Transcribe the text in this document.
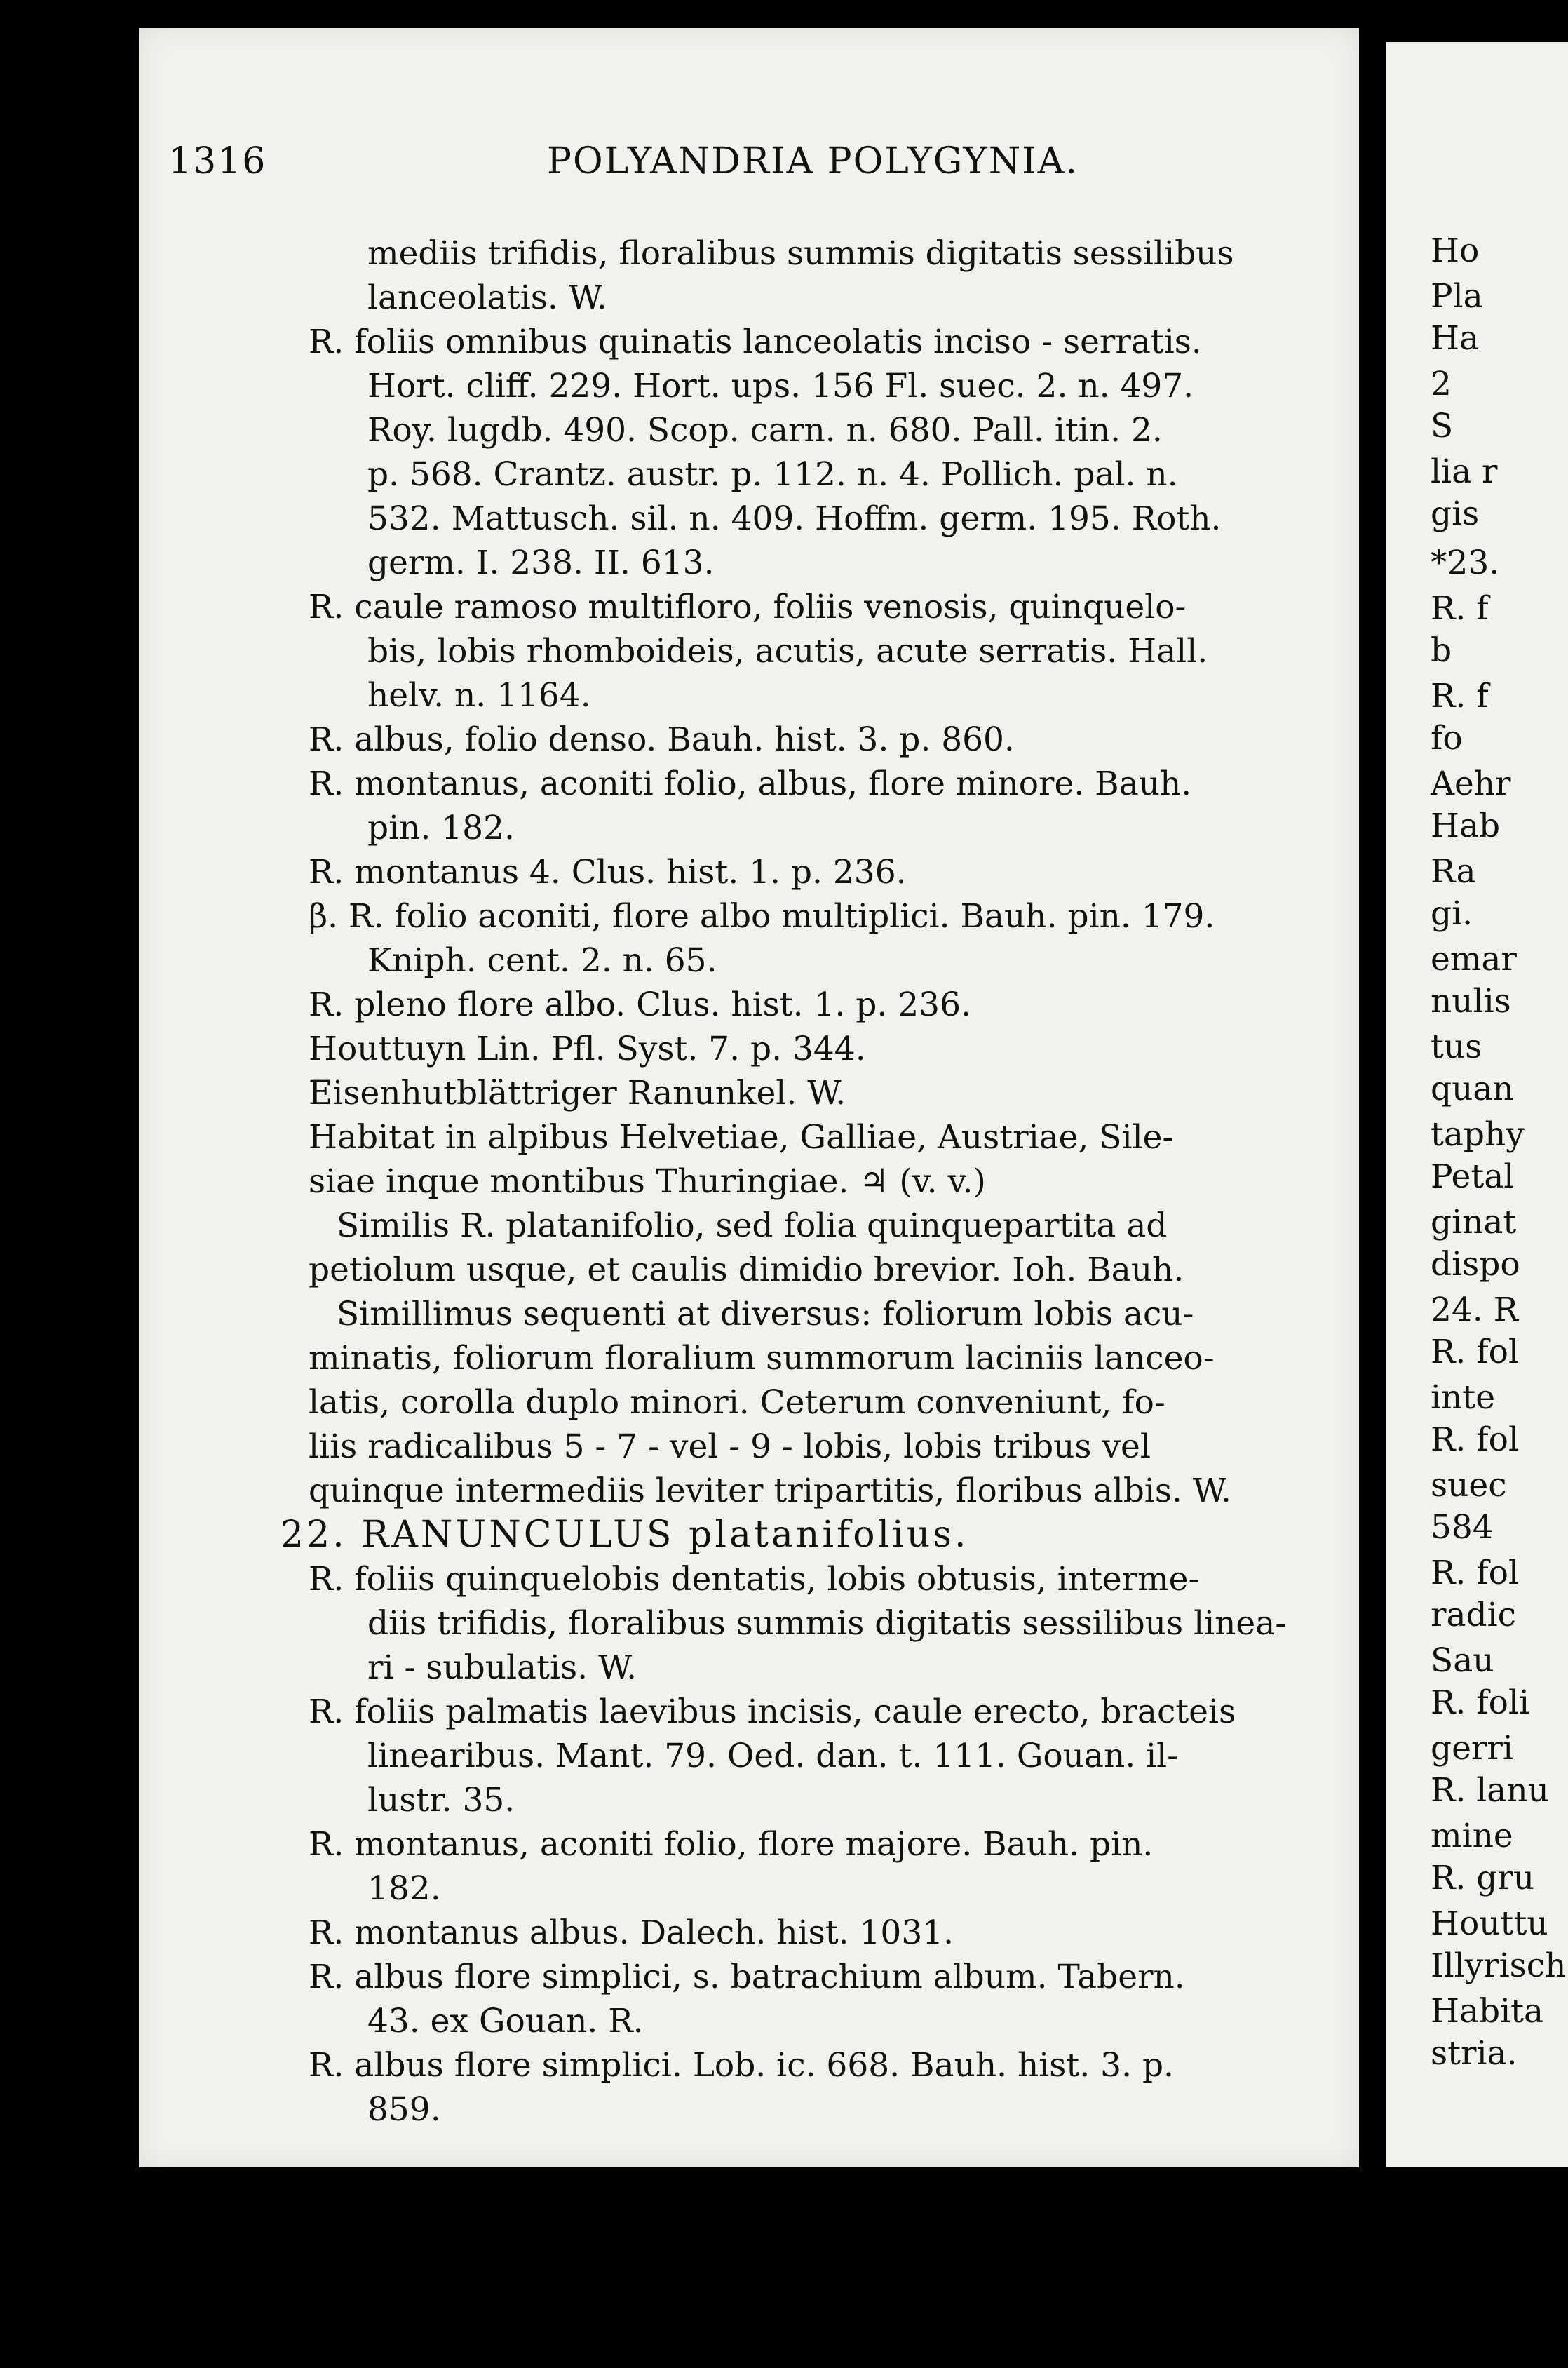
1316	POLYANDRIA POLYGYNIA.
mediis trifidis, floralibus summis digitatis sessilibus
lanceolatis. W.
R. foliis omnibus quinatis lanceolatis inciso - serratis.
Hort. cliff. 229. Hort. ups. 156 Fl. suec. 2. n. 497.
Roy. lugdb. 490. Scop. carn. n. 680. Pall. itin. 2.
p. 568. Crantz. austr. p. 112. n. 4. Pollich. pal. n.
532. Mattusch. sil. n. 409. Hoffm. germ. 195. Roth.
germ. I. 238. II. 613.
R. caule ramoso multifloro, foliis venosis, quinquelo-
bis, lobis rhomboideis, acutis, acute serratis. Hall.
helv. n. 1164.
R. albus, folio denso. Bauh. hist. 3. p. 860.
R. montanus, aconiti folio, albus, flore minore. Bauh.
pin. 182.
R. montanus 4. Clus. hist. 1. p. 236.
β. R. folio aconiti, flore albo multiplici. Bauh. pin. 179.
Kniph. cent. 2. n. 65.
R. pleno flore albo. Clus. hist. 1. p. 236.
Houttuyn Lin. Pfl. Syst. 7. p. 344.
Eisenhutblättriger Ranunkel. W.
Habitat in alpibus Helvetiae, Galliae, Austriae, Sile-
siae inque montibus Thuringiae. ♃ (v. v.)
Similis R. platanifolio, sed folia quinquepartita ad
petiolum usque, et caulis dimidio brevior. Ioh. Bauh.
Simillimus sequenti at diversus: foliorum lobis acu-
minatis, foliorum floralium summorum laciniis lanceo-
latis, corolla duplo minori. Ceterum conveniunt, fo-
liis radicalibus 5 - 7 - vel - 9 - lobis, lobis tribus vel
quinque intermediis leviter tripartitis, floribus albis. W.
22. RANUNCULUS platanifolius.
R. foliis quinquelobis dentatis, lobis obtusis, interme-
diis trifidis, floralibus summis digitatis sessilibus linea-
ri - subulatis. W.
R. foliis palmatis laevibus incisis, caule erecto, bracteis
linearibus. Mant. 79. Oed. dan. t. 111. Gouan. il-
lustr. 35.
R. montanus, aconiti folio, flore majore. Bauh. pin.
182.
R. montanus albus. Dalech. hist. 1031.
R. albus flore simplici, s. batrachium album. Tabern.
43. ex Gouan. R.
R. albus flore simplici. Lob. ic. 668. Bauh. hist. 3. p.
859.
Ho
Pla
Ha
2
S
lia r
gis
*23.
R. f
b
R. f
fo
Aehr
Hab
Ra
gi.
emar
nulis
tus
quan
taphy
Petal
ginat
dispo
24. R
R. fol
inte
R. fol
suec
584
R. fol
radic
Sau
R. foli
gerri
R. lanu
mine
R. gru
Houttu
Illyrisch
Habita
stria.
